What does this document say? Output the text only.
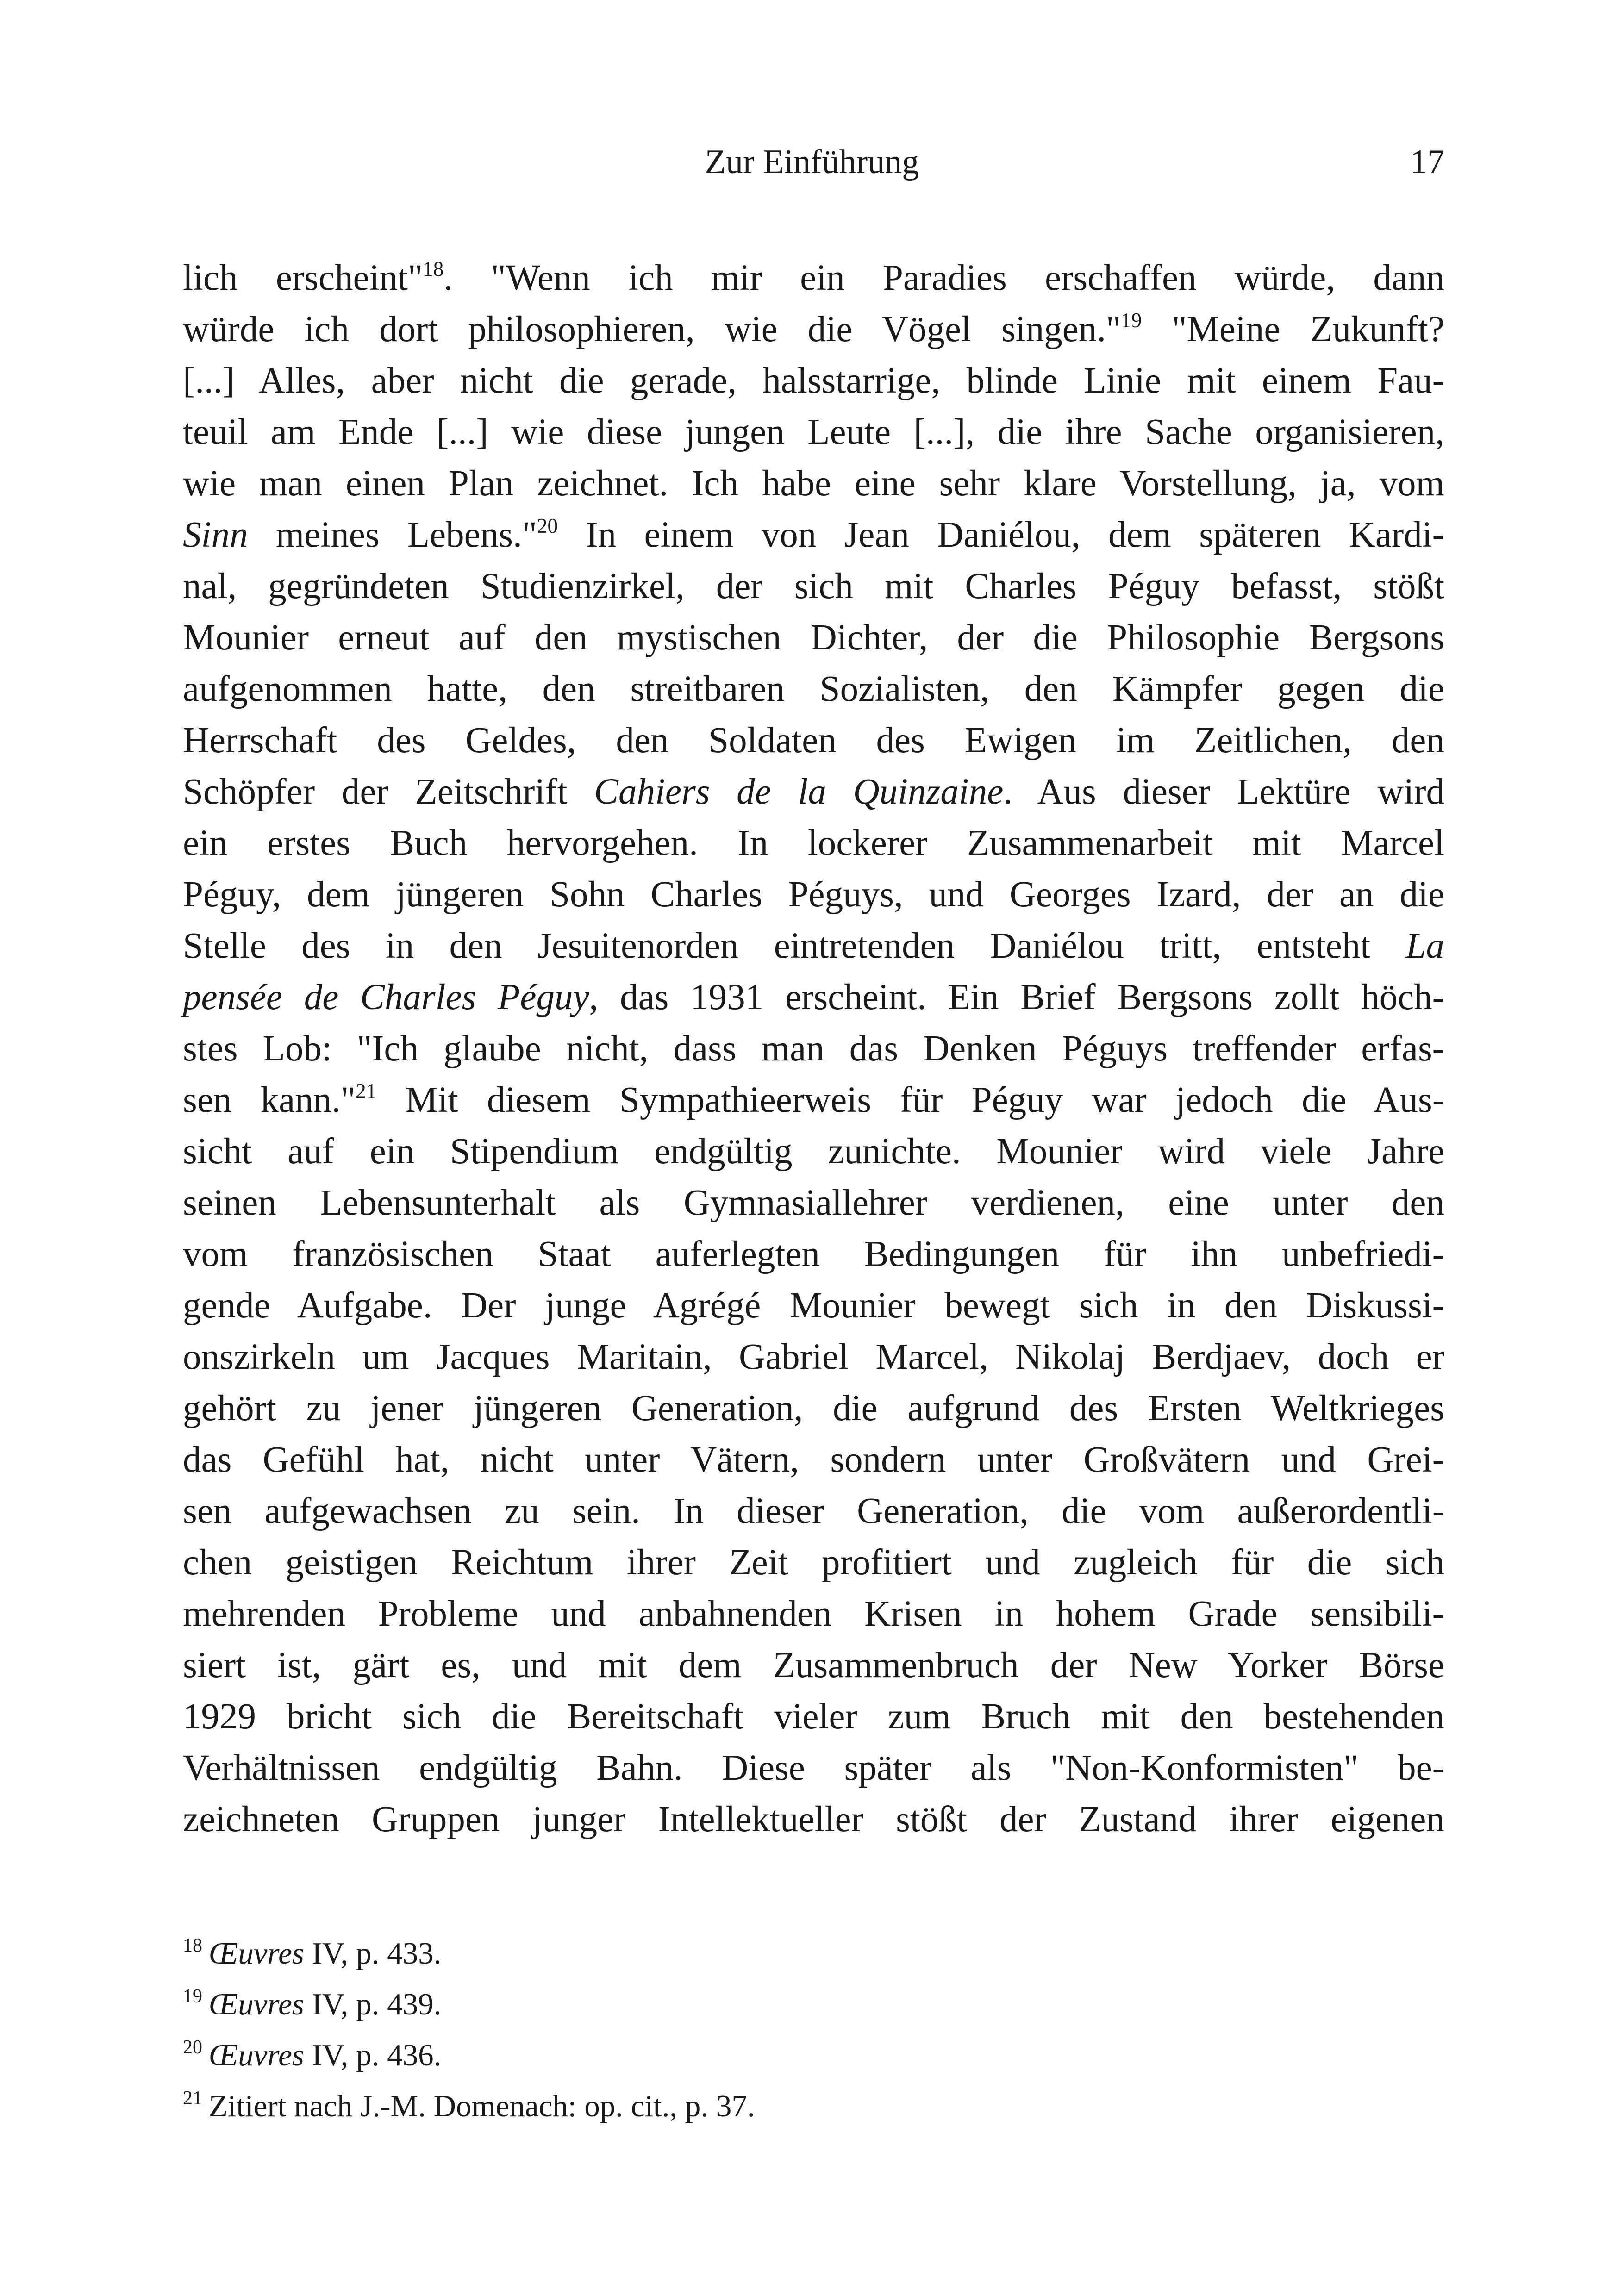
Zur Einführung	17
lich erscheint"$^{18}$. "Wenn ich mir ein Paradies erschaffen würde, dann
würde ich dort philosophieren, wie die Vögel singen."$^{19}$ "Meine Zukunft?
[...] Alles, aber nicht die gerade, halsstarrige, blinde Linie mit einem Fau-
teuil am Ende [...] wie diese jungen Leute [...], die ihre Sache organisieren,
wie man einen Plan zeichnet. Ich habe eine sehr klare Vorstellung, ja, vom
Sinn meines Lebens."$^{20}$ In einem von Jean Daniélou, dem späteren Kardi-
nal, gegründeten Studienzirkel, der sich mit Charles Péguy befasst, stößt
Mounier erneut auf den mystischen Dichter, der die Philosophie Bergsons
aufgenommen hatte, den streitbaren Sozialisten, den Kämpfer gegen die
Herrschaft des Geldes, den Soldaten des Ewigen im Zeitlichen, den
Schöpfer der Zeitschrift Cahiers de la Quinzaine. Aus dieser Lektüre wird
ein erstes Buch hervorgehen. In lockerer Zusammenarbeit mit Marcel
Péguy, dem jüngeren Sohn Charles Péguys, und Georges Izard, der an die
Stelle des in den Jesuitenorden eintretenden Daniélou tritt, entsteht La
pensée de Charles Péguy, das 1931 erscheint. Ein Brief Bergsons zollt höch-
stes Lob: "Ich glaube nicht, dass man das Denken Péguys treffender erfas-
sen kann."$^{21}$ Mit diesem Sympathieerweis für Péguy war jedoch die Aus-
sicht auf ein Stipendium endgültig zunichte. Mounier wird viele Jahre
seinen Lebensunterhalt als Gymnasiallehrer verdienen, eine unter den
vom französischen Staat auferlegten Bedingungen für ihn unbefriedi-
gende Aufgabe. Der junge Agrégé Mounier bewegt sich in den Diskussi-
onszirkeln um Jacques Maritain, Gabriel Marcel, Nikolaj Berdjaev, doch er
gehört zu jener jüngeren Generation, die aufgrund des Ersten Weltkrieges
das Gefühl hat, nicht unter Vätern, sondern unter Großvätern und Grei-
sen aufgewachsen zu sein. In dieser Generation, die vom außerordentli-
chen geistigen Reichtum ihrer Zeit profitiert und zugleich für die sich
mehrenden Probleme und anbahnenden Krisen in hohem Grade sensibili-
siert ist, gärt es, und mit dem Zusammenbruch der New Yorker Börse
1929 bricht sich die Bereitschaft vieler zum Bruch mit den bestehenden
Verhältnissen endgültig Bahn. Diese später als "Non-Konformisten" be-
zeichneten Gruppen junger Intellektueller stößt der Zustand ihrer eigenen
$^{18}$ Œuvres IV, p. 433.
$^{19}$ Œuvres IV, p. 439.
$^{20}$ Œuvres IV, p. 436.
$^{21}$ Zitiert nach J.-M. Domenach: op. cit., p. 37.
